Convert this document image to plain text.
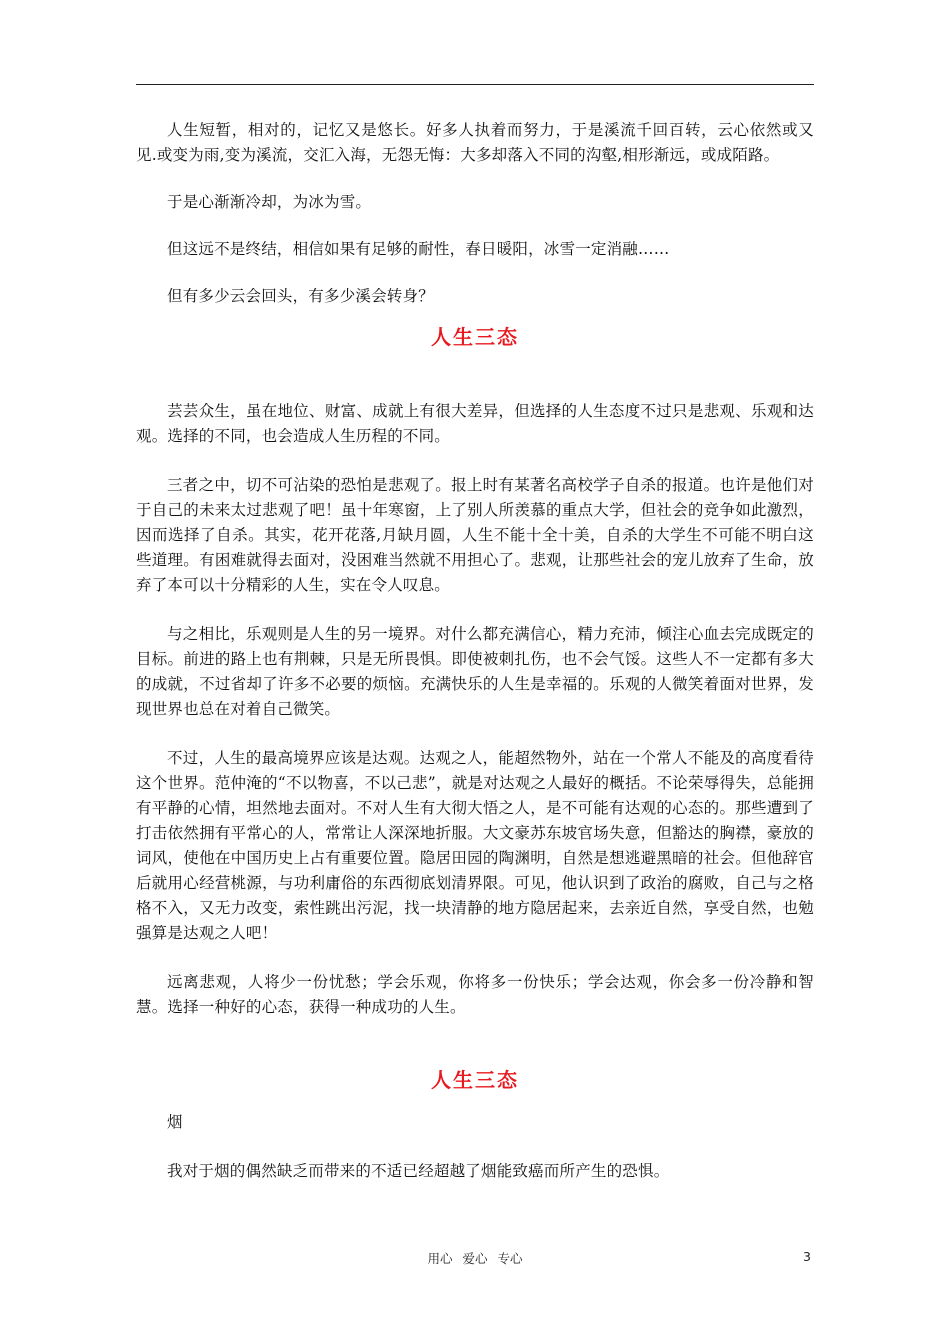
人生短暂，相对的，记忆又是悠长。好多人执着而努力，于是溪流千回百转，云心依然或又见.或变为雨,变为溪流，交汇入海，无怨无悔：大多却落入不同的沟壑,相形渐远，或成陌路。

于是心渐渐冷却，为冰为雪。

但这远不是终结，相信如果有足够的耐性，春日暖阳，冰雪一定消融……

但有多少云会回头，有多少溪会转身？

人生三态

芸芸众生，虽在地位、财富、成就上有很大差异，但选择的人生态度不过只是悲观、乐观和达观。选择的不同，也会造成人生历程的不同。

三者之中，切不可沾染的恐怕是悲观了。报上时有某著名高校学子自杀的报道。也许是他们对于自己的未来太过悲观了吧！虽十年寒窗，上了别人所羡慕的重点大学，但社会的竞争如此激烈，因而选择了自杀。其实，花开花落,月缺月圆，人生不能十全十美，自杀的大学生不可能不明白这些道理。有困难就得去面对，没困难当然就不用担心了。悲观，让那些社会的宠儿放弃了生命，放弃了本可以十分精彩的人生，实在令人叹息。

与之相比，乐观则是人生的另一境界。对什么都充满信心，精力充沛，倾注心血去完成既定的目标。前进的路上也有荆棘，只是无所畏惧。即使被刺扎伤，也不会气馁。这些人不一定都有多大的成就，不过省却了许多不必要的烦恼。充满快乐的人生是幸福的。乐观的人微笑着面对世界，发现世界也总在对着自己微笑。

不过，人生的最高境界应该是达观。达观之人，能超然物外，站在一个常人不能及的高度看待这个世界。范仲淹的“不以物喜，不以己悲”，就是对达观之人最好的概括。不论荣辱得失，总能拥有平静的心情，坦然地去面对。不对人生有大彻大悟之人，是不可能有达观的心态的。那些遭到了打击依然拥有平常心的人，常常让人深深地折服。大文豪苏东坡官场失意，但豁达的胸襟，豪放的词风，使他在中国历史上占有重要位置。隐居田园的陶渊明，自然是想逃避黑暗的社会。但他辞官后就用心经营桃源，与功利庸俗的东西彻底划清界限。可见，他认识到了政治的腐败，自己与之格格不入，又无力改变，索性跳出污泥，找一块清静的地方隐居起来，去亲近自然，享受自然，也勉强算是达观之人吧！

远离悲观，人将少一份忧愁；学会乐观，你将多一份快乐；学会达观，你会多一份冷静和智慧。选择一种好的心态，获得一种成功的人生。

人生三态

烟

我对于烟的偶然缺乏而带来的不适已经超越了烟能致癌而所产生的恐惧。

用心 爱心 专心	3
